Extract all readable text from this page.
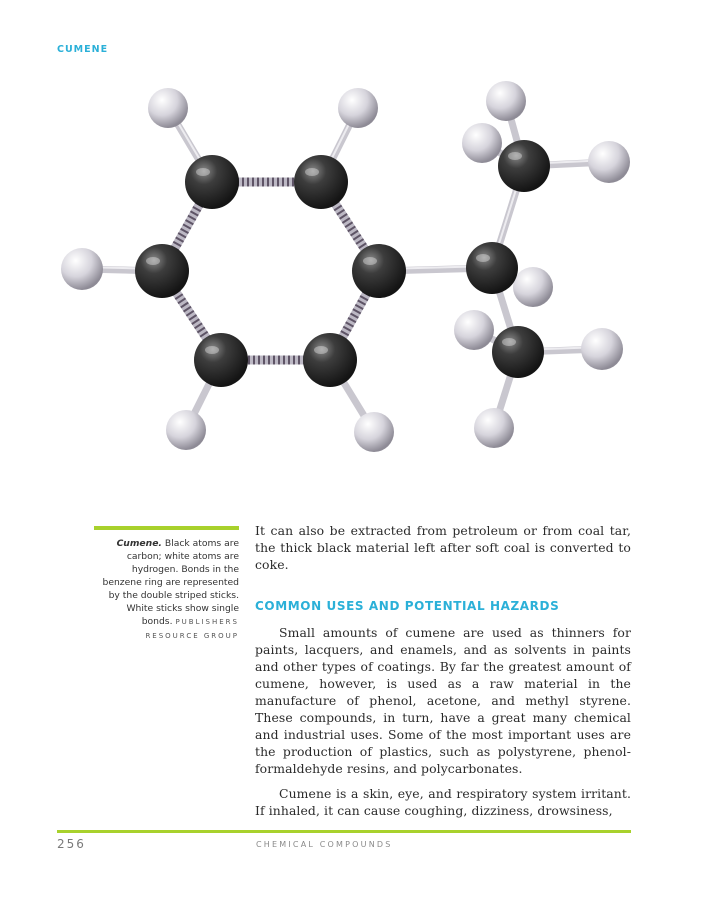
CUMENE
Cumene. Black atoms are carbon; white atoms are hydrogen. Bonds in the benzene ring are represented by the double striped sticks. White sticks show single bonds. PUBLISHERS RESOURCE GROUP

It can also be extracted from petroleum or from coal tar, the thick black material left after soft coal is converted to coke.

COMMON USES AND POTENTIAL HAZARDS

Small amounts of cumene are used as thinners for paints, lacquers, and enamels, and as solvents in paints and other types of coatings. By far the greatest amount of cumene, however, is used as a raw material in the manufacture of phenol, acetone, and methyl styrene. These compounds, in turn, have a great many chemical and industrial uses. Some of the most important uses are the production of plastics, such as polystyrene, phenol-formaldehyde resins, and polycarbonates.

Cumene is a skin, eye, and respiratory system irritant. If inhaled, it can cause coughing, dizziness, drowsiness,

256	CHEMICAL COMPOUNDS
